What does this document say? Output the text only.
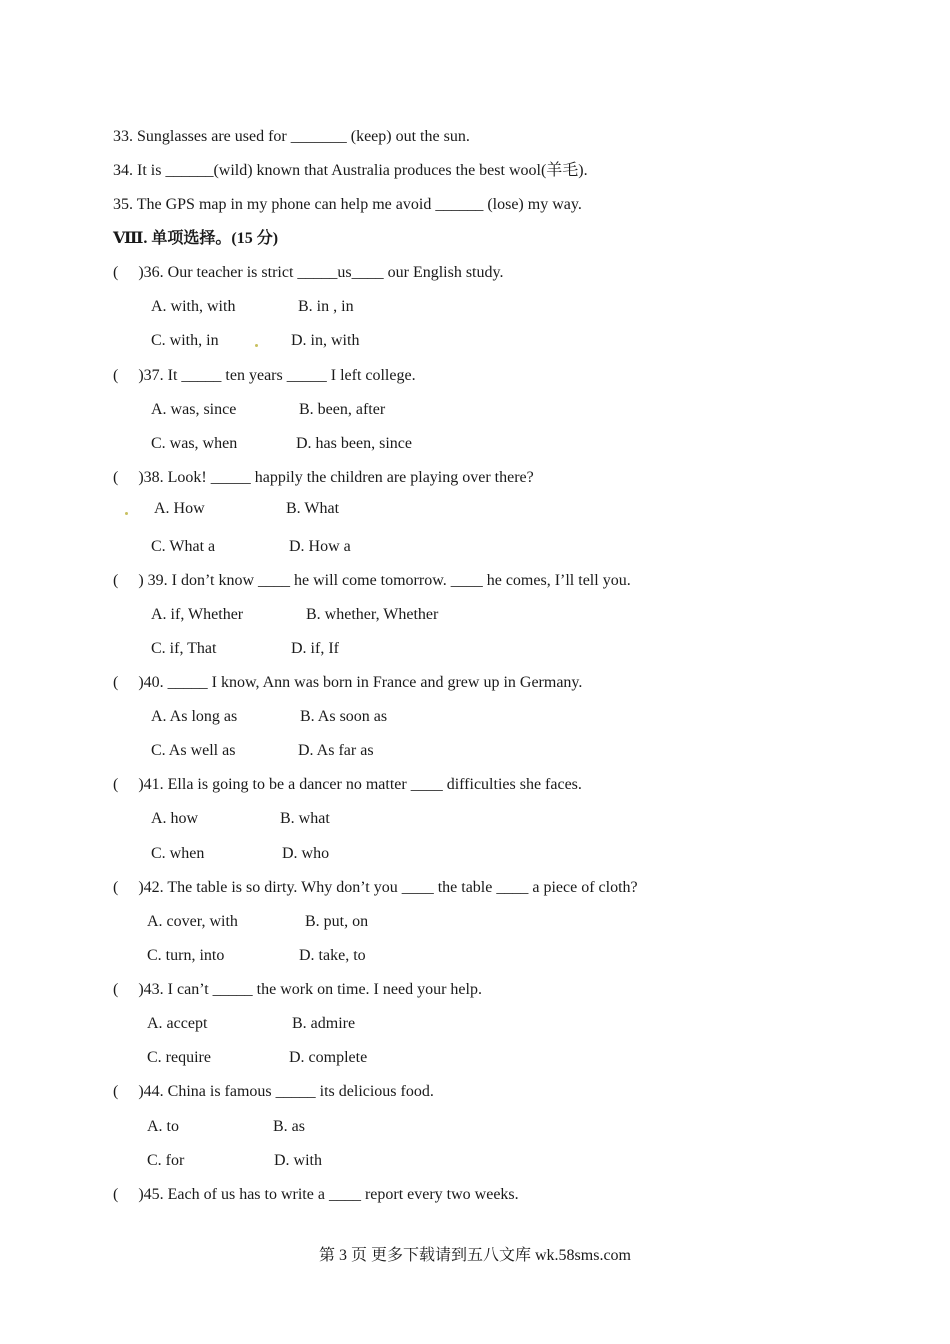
33. Sunglasses are used for _______ (keep) out the sun.
34. It is ______(wild) known that Australia produces the best wool(羊毛).
35. The GPS map in my phone can help me avoid ______ (lose) my way.
Ⅷ. 单项选择。(15 分)
(     )36. Our teacher is strict _____us____ our English study.
A. with, with	B. in , in
C. with, in	D. in, with
(     )37. It _____ ten years _____ I left college.
A. was, since	B. been, after
C. was, when	D. has been, since
(     )38. Look! _____ happily the children are playing over there?
A. How	B. What
C. What a	D. How a
(     ) 39. I don’t know ____ he will come tomorrow. ____ he comes, I’ll tell you.
A. if, Whether	B. whether, Whether
C. if, That	D. if, If
(     )40. _____ I know, Ann was born in France and grew up in Germany.
A. As long as	B. As soon as
C. As well as	D. As far as
(     )41. Ella is going to be a dancer no matter ____ difficulties she faces.
A. how	B. what
C. when	D. who
(     )42. The table is so dirty. Why don’t you ____ the table ____ a piece of cloth?
A. cover, with	B. put, on
C. turn, into	D. take, to
(     )43. I can’t _____ the work on time. I need your help.
A. accept	B. admire
C. require	D. complete
(     )44. China is famous _____ its delicious food.
A. to	B. as
C. for	D. with
(     )45. Each of us has to write a ____ report every two weeks.
第 3 页 更多下载请到五八文库 wk.58sms.com
